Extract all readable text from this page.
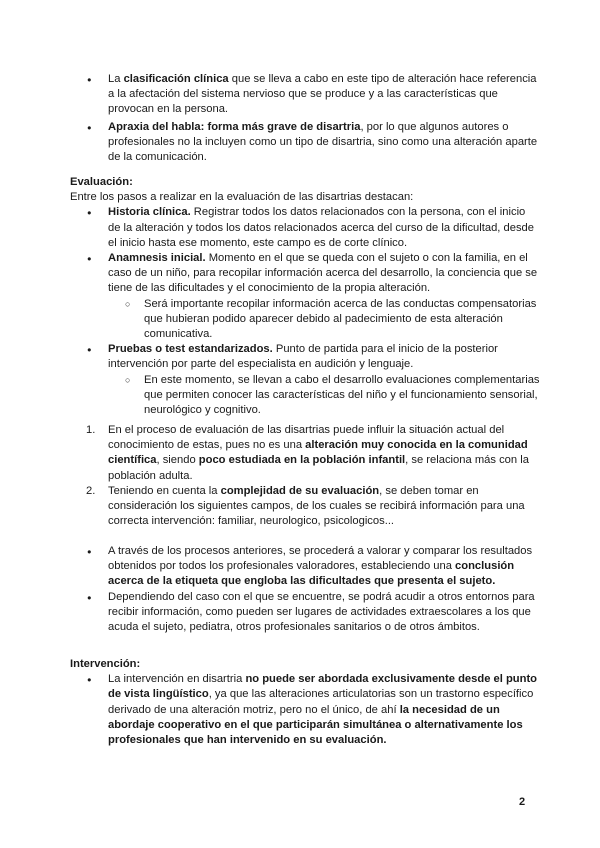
● La clasificación clínica que se lleva a cabo en este tipo de alteración hace referencia a la afectación del sistema nervioso que se produce y a las características que provocan en la persona.
● Apraxia del habla: forma más grave de disartria, por lo que algunos autores o profesionales no la incluyen como un tipo de disartria, sino como una alteración aparte de la comunicación.
Evaluación:
Entre los pasos a realizar en la evaluación de las disartrias destacan:
● Historia clínica. Registrar todos los datos relacionados con la persona, con el inicio de la alteración y todos los datos relacionados acerca del curso de la dificultad, desde el inicio hasta ese momento, este campo es de corte clínico.
● Anamnesis inicial. Momento en el que se queda con el sujeto o con la familia, en el caso de un niño, para recopilar información acerca del desarrollo, la conciencia que se tiene de las dificultades y el conocimiento de la propia alteración.
○ Será importante recopilar información acerca de las conductas compensatorias que hubieran podido aparecer debido al padecimiento de esta alteración comunicativa.
● Pruebas o test estandarizados. Punto de partida para el inicio de la posterior intervención por parte del especialista en audición y lenguaje.
○ En este momento, se llevan a cabo el desarrollo evaluaciones complementarias que permiten conocer las características del niño y el funcionamiento sensorial, neurológico y cognitivo.
1. En el proceso de evaluación de las disartrias puede influir la situación actual del conocimiento de estas, pues no es una alteración muy conocida en la comunidad científica, siendo poco estudiada en la población infantil, se relaciona más con la población adulta.
2. Teniendo en cuenta la complejidad de su evaluación, se deben tomar en consideración los siguientes campos, de los cuales se recibirá información para una correcta intervención: familiar, neurologico, psicologicos...
● A través de los procesos anteriores, se procederá a valorar y comparar los resultados obtenidos por todos los profesionales valoradores, estableciendo una conclusión acerca de la etiqueta que engloba las dificultades que presenta el sujeto.
● Dependiendo del caso con el que se encuentre, se podrá acudir a otros entornos para recibir información, como pueden ser lugares de actividades extraescolares a los que acuda el sujeto, pediatra, otros profesionales sanitarios o de otros ámbitos.
Intervención:
● La intervención en disartria no puede ser abordada exclusivamente desde el punto de vista lingüístico, ya que las alteraciones articulatorias son un trastorno específico derivado de una alteración motriz, pero no el único, de ahí la necesidad de un abordaje cooperativo en el que participarán simultánea o alternativamente los profesionales que han intervenido en su evaluación.
2
